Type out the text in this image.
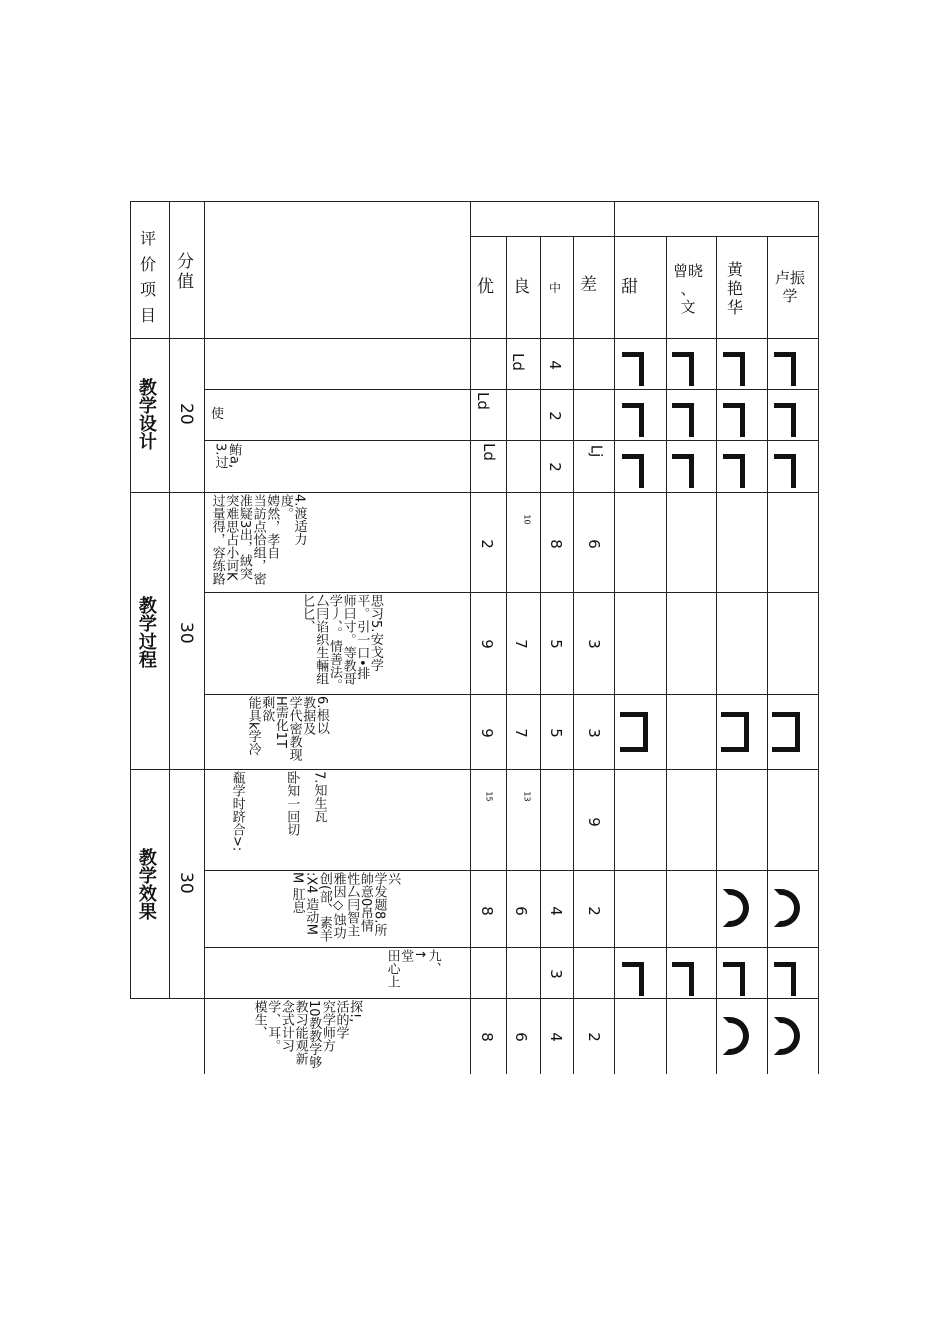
评
价
项
目
分
值	优 良 中 差 甜
曾晓
、
文
黄
艳
华
卢振
学
教学设计
教学过程
教学效果
20
30
30
使
鲔a,
3.过
4.渡适力
度。
娉然，孝自
当訪点恰组，密
准疑3出，絨突
突难思占小诃K
过量得，容练路
思习5.安戈学
平。引一口•排
师曰寸。等教哥
学丿、。情善法。
厶冃谄织生輛组
匕匕、
6.根以
教据及
学代密教现
H需化1T
剩欲
能具k学冷
7.知生瓦

卧知一回切

瓻学时跻合>:
兴
学发题8.所
帥意0帛情
性厶冃智主
雅因◇蚀功
创(部、素羊
:X4 造动M
M 肛息
九、
↑
堂
田心上
探!,
活的学
究学师方
10教教学够
教习能观新
念式计习
学、耳。
模生、
Ld 4
Ld
2
Ld
2
Lj
2
10
8 6
9 7 5 3
9 7 5 3
15	13
9
8 6 4 2
3
8 6 4 2
